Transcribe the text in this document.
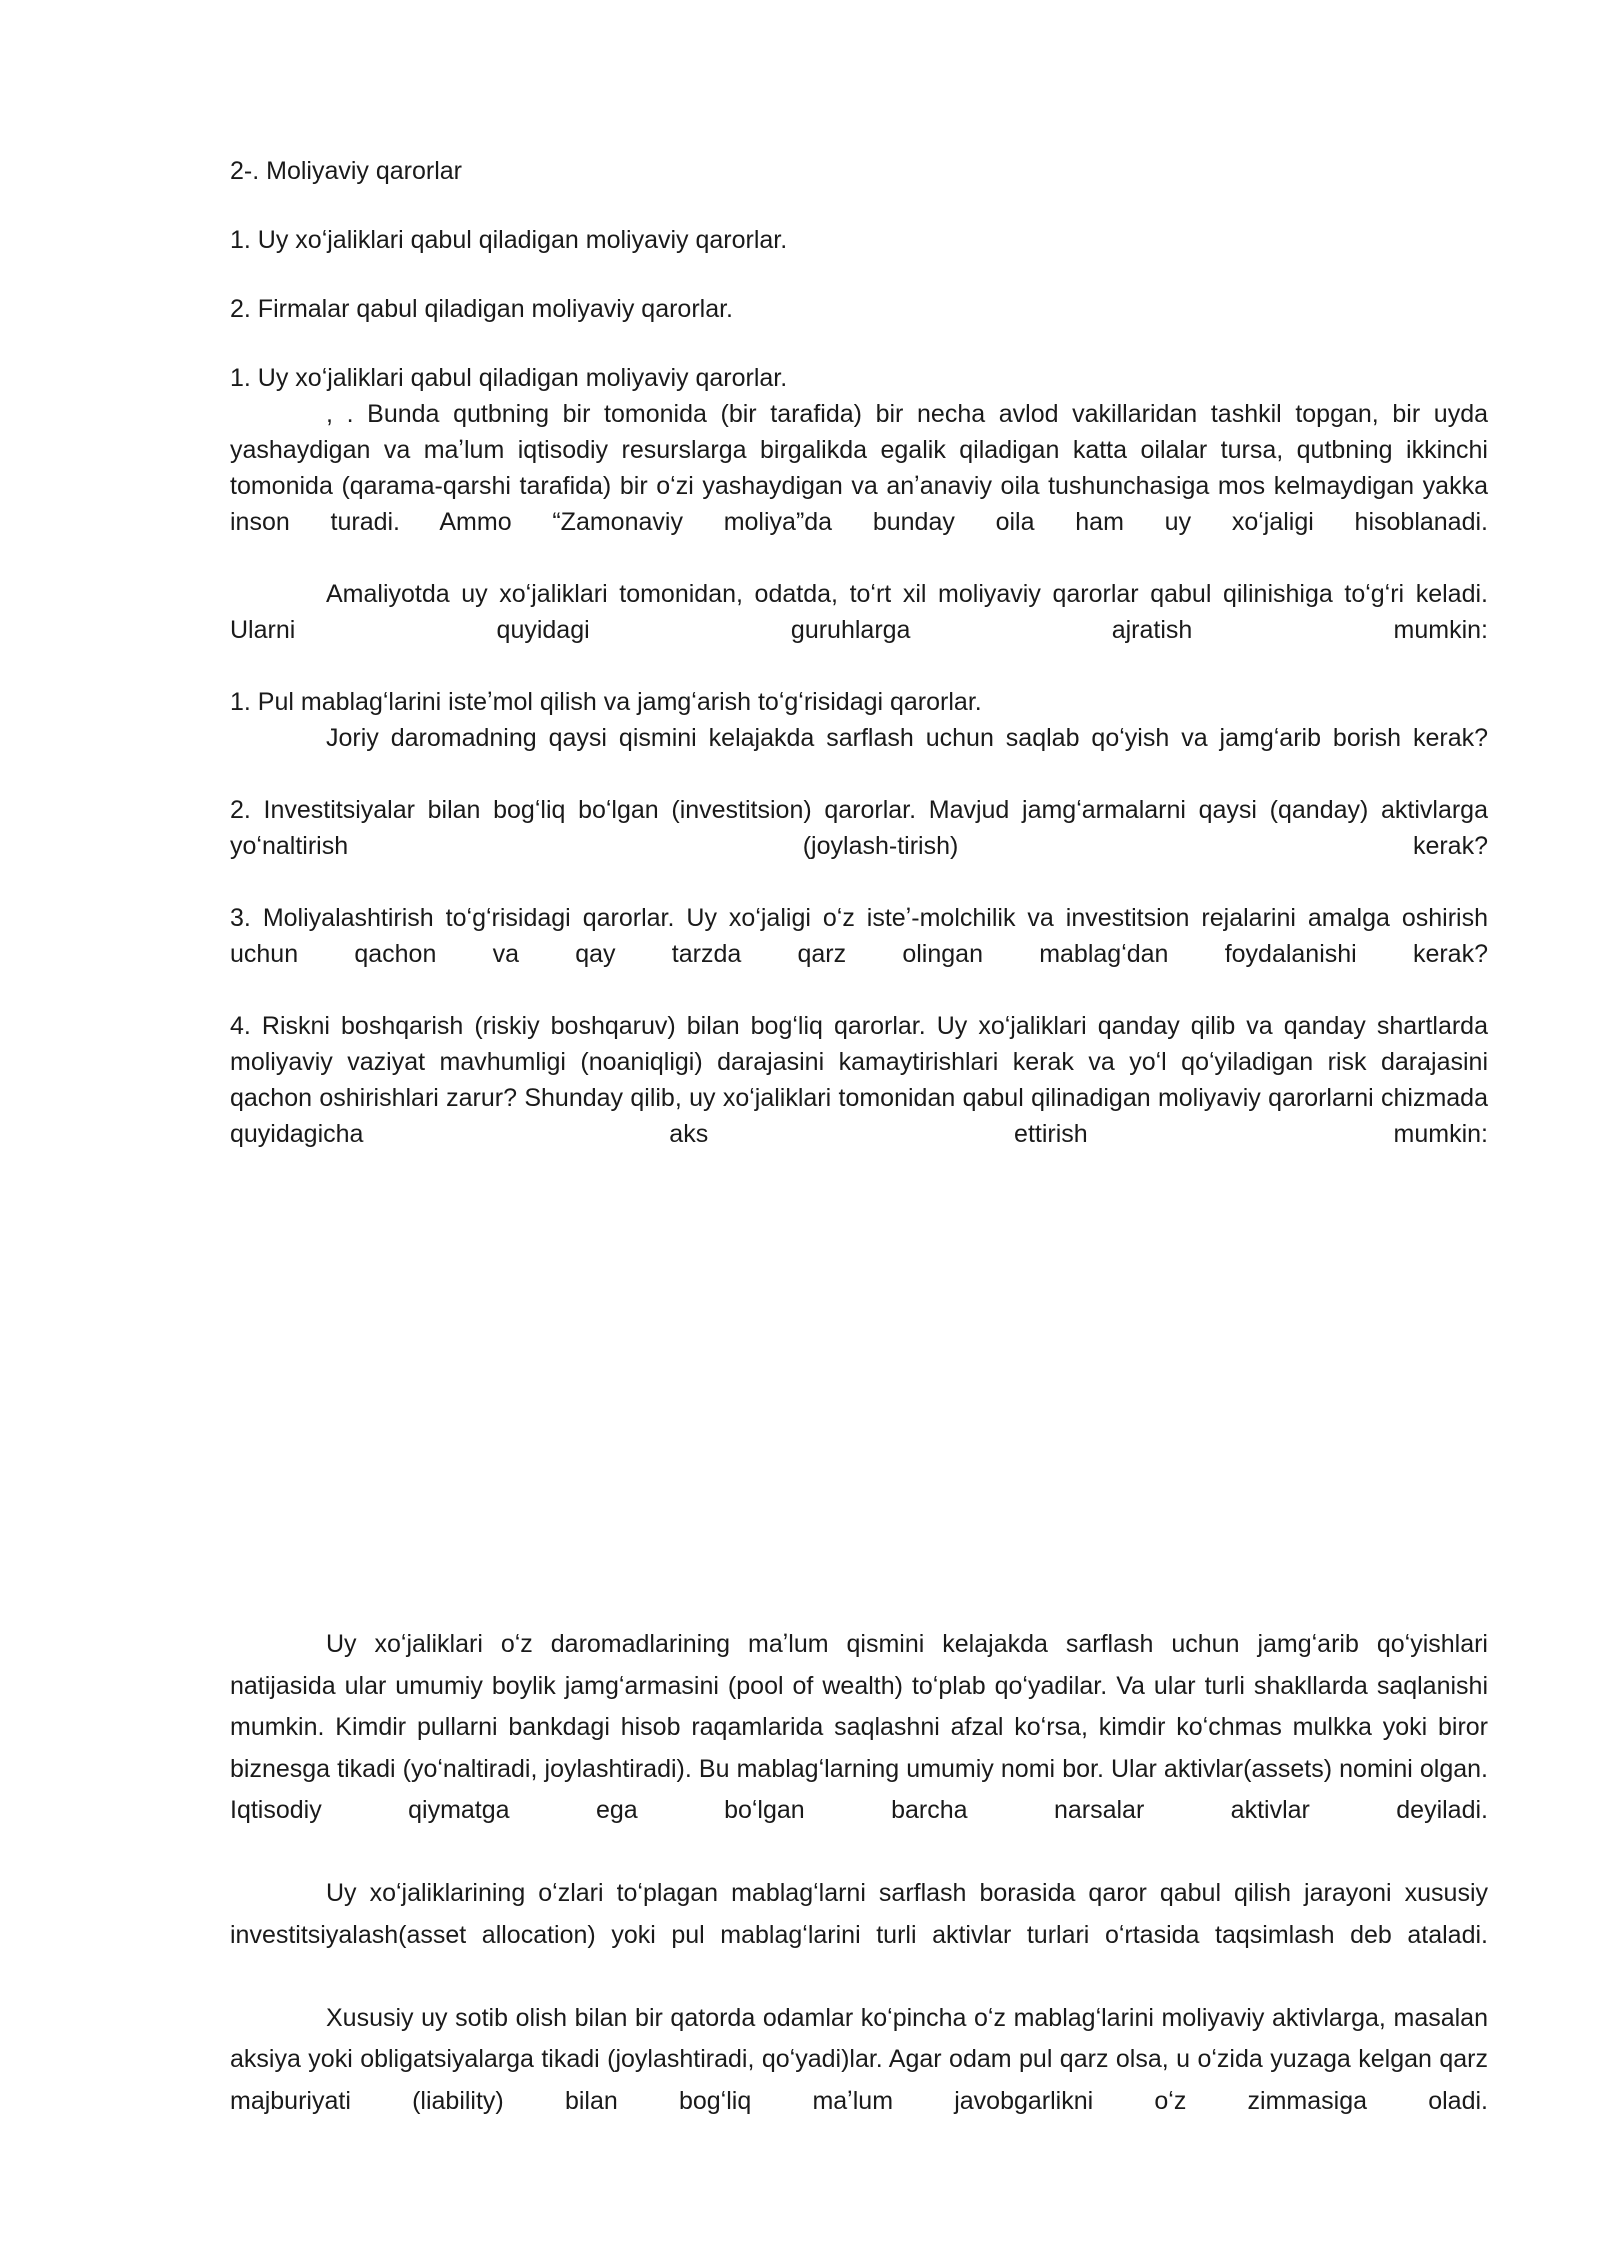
2-. Moliyaviy qarorlar
1. Uy xoʻjaliklari qabul qiladigan moliyaviy qarorlar.
2. Firmalar qabul qiladigan moliyaviy qarorlar.
1. Uy xoʻjaliklari qabul qiladigan moliyaviy qarorlar.

, . Bunda qutbning bir tomonida (bir tarafida) bir necha avlod vakillaridan tashkil topgan, bir uyda yashaydigan va maʼlum iqtisodiy resurslarga birgalikda egalik qiladigan katta oilalar tursa, qutbning ikkinchi tomonida (qarama-qarshi tarafida) bir oʻzi yashaydigan va anʼanaviy oila tushunchasiga mos kelmaydigan yakka inson turadi. Ammo “Zamonaviy moliya”da bunday oila ham uy xoʻjaligi hisoblanadi.

Amaliyotda uy xoʻjaliklari tomonidan, odatda, toʻrt xil moliyaviy qarorlar qabul qilinishiga toʻgʻri keladi. Ularni quyidagi guruhlarga ajratish mumkin:

1. Pul mablagʻlarini isteʼmol qilish va jamgʻarish toʻgʻrisidagi qarorlar.

Joriy daromadning qaysi qismini kelajakda sarflash uchun saqlab qoʻyish va jamgʻarib borish kerak?

2. Investitsiyalar bilan bogʻliq boʻlgan (investitsion) qarorlar. Mavjud jamgʻarmalarni qaysi (qanday) aktivlarga yoʻnaltirish (joylash-tirish) kerak?

3. Moliyalashtirish toʻgʻrisidagi qarorlar. Uy xoʻjaligi oʻz isteʼ-molchilik va investitsion rejalarini amalga oshirish uchun qachon va qay tarzda qarz olingan mablagʻdan foydalanishi kerak?

4. Riskni boshqarish (riskiy boshqaruv) bilan bogʻliq qarorlar. Uy xoʻjaliklari qanday qilib va qanday shartlarda moliyaviy vaziyat mavhumligi (noaniqligi) darajasini kamaytirishlari kerak va yoʻl qoʻyiladigan risk darajasini qachon oshirishlari zarur? Shunday qilib, uy xoʻjaliklari tomonidan qabul qilinadigan moliyaviy qarorlarni chizmada quyidagicha aks ettirish mumkin:

Uy xoʻjaliklari oʻz daromadlarining maʼlum qismini kelajakda sarflash uchun jamgʻarib qoʻyishlari natijasida ular umumiy boylik jamgʻarmasini (pool of wealth) toʻplab qoʻyadilar. Va ular turli shakllarda saqlanishi mumkin. Kimdir pullarni bankdagi hisob raqamlarida saqlashni afzal koʻrsa, kimdir koʻchmas mulkka yoki biror biznesga tikadi (yoʻnaltiradi, joylashtiradi). Bu mablagʻlarning umumiy nomi bor. Ular aktivlar(assets) nomini olgan. Iqtisodiy qiymatga ega boʻlgan barcha narsalar aktivlar deyiladi.

Uy xoʻjaliklarining oʻzlari toʻplagan mablagʻlarni sarflash borasida qaror qabul qilish jarayoni xususiy investitsiyalash(asset allocation) yoki pul mablagʻlarini turli aktivlar turlari oʻrtasida taqsimlash deb ataladi.

Xususiy uy sotib olish bilan bir qatorda odamlar koʻpincha oʻz mablagʻlarini moliyaviy aktivlarga, masalan aksiya yoki obligatsiyalarga tikadi (joylashtiradi, qoʻyadi)lar. Agar odam pul qarz olsa, u oʻzida yuzaga kelgan qarz majburiyati (liability) bilan bogʻliq maʼlum javobgarlikni oʻz zimmasiga oladi.
